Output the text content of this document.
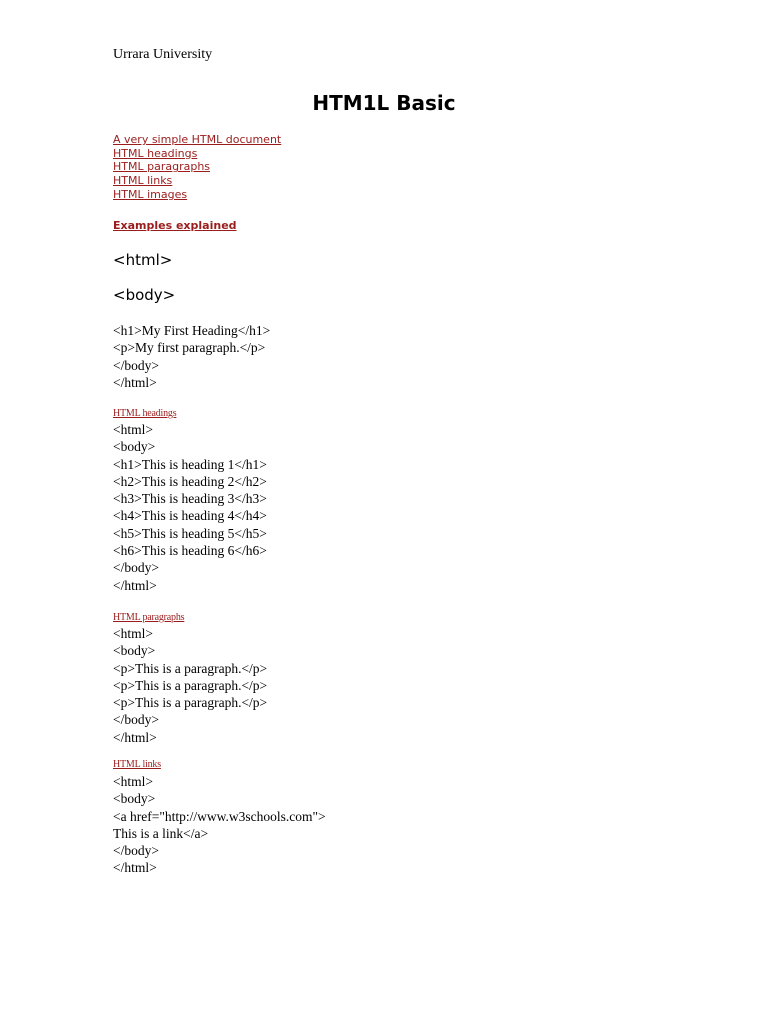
Urrara University
HTM1L Basic
A very simple HTML document
HTML headings
HTML paragraphs
HTML links
HTML images
Examples explained
<html>
<body>
<h1>My First Heading</h1>
<p>My first paragraph.</p>
</body>
</html>
HTML headings
<html>
<body>
<h1>This is heading 1</h1>
<h2>This is heading 2</h2>
<h3>This is heading 3</h3>
<h4>This is heading 4</h4>
<h5>This is heading 5</h5>
<h6>This is heading 6</h6>
</body>
</html>
HTML paragraphs
<html>
<body>
<p>This is a paragraph.</p>
<p>This is a paragraph.</p>
<p>This is a paragraph.</p>
</body>
</html>
HTML links
<html>
<body>
<a href="http://www.w3schools.com">
This is a link</a>
</body>
</html>
